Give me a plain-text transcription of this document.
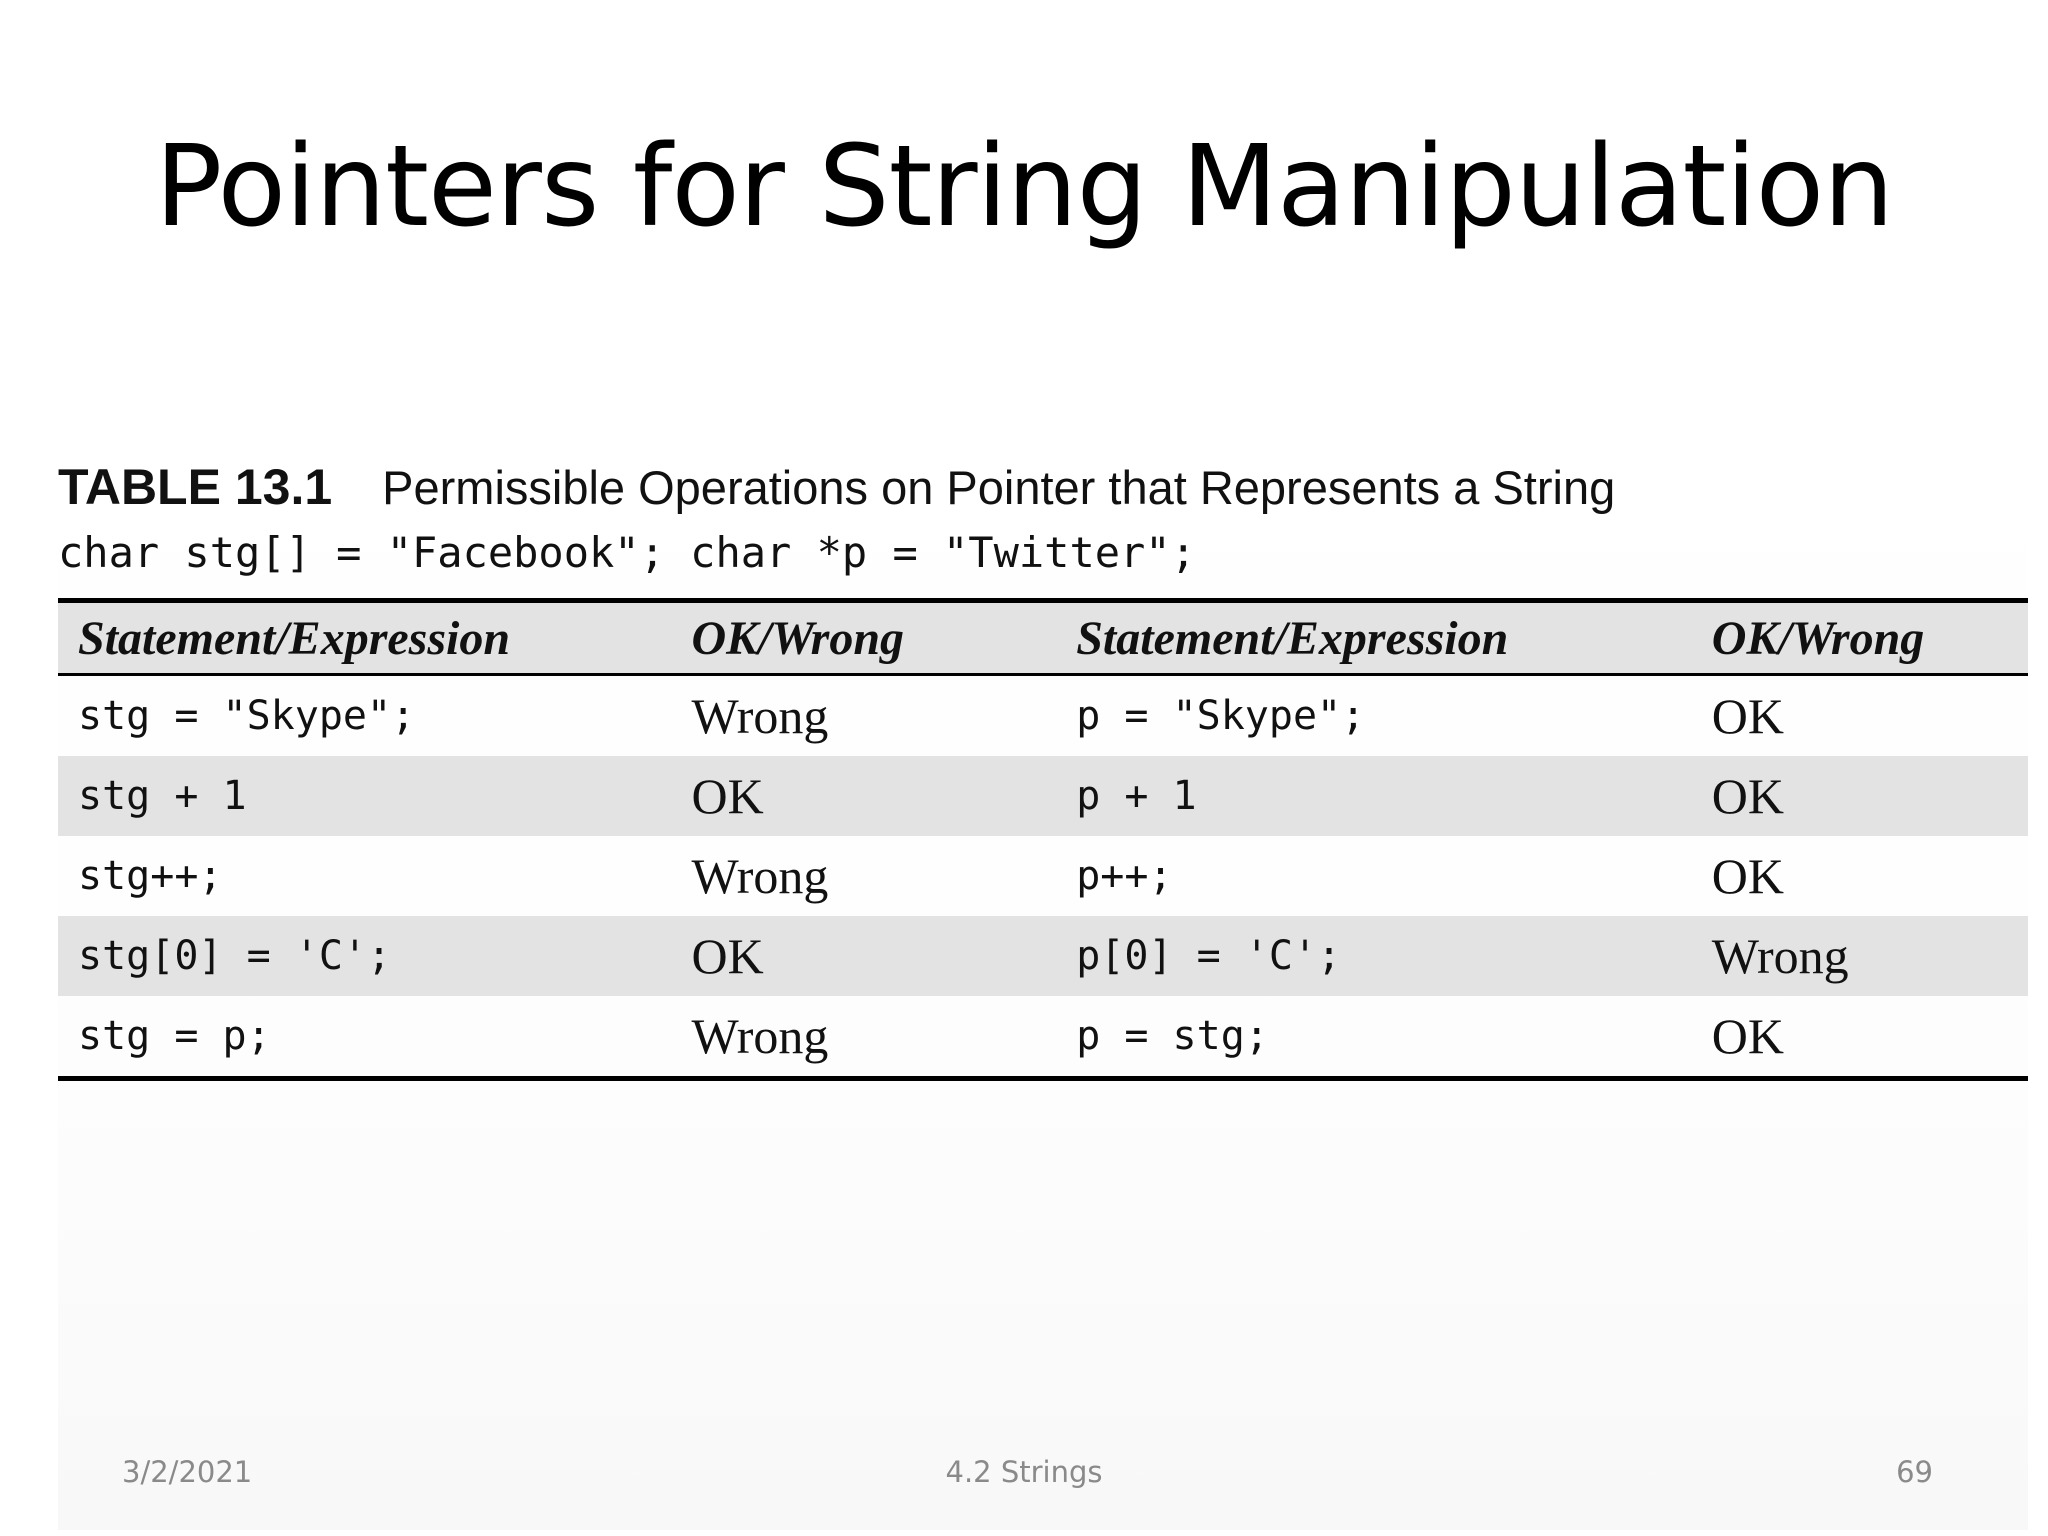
Pointers for String Manipulation
TABLE 13.1 Permissible Operations on Pointer that Represents a String
char stg[] = "Facebook"; char *p = "Twitter";
Statement/Expression	OK/Wrong	Statement/Expression	OK/Wrong
stg = "Skype";	Wrong	p = "Skype";	OK
stg + 1	OK	p + 1	OK
stg++;	Wrong	p++;	OK
stg[0] = 'C';	OK	p[0] = 'C';	Wrong
stg = p;	Wrong	p = stg;	OK
3/2/2021	4.2 Strings	69
